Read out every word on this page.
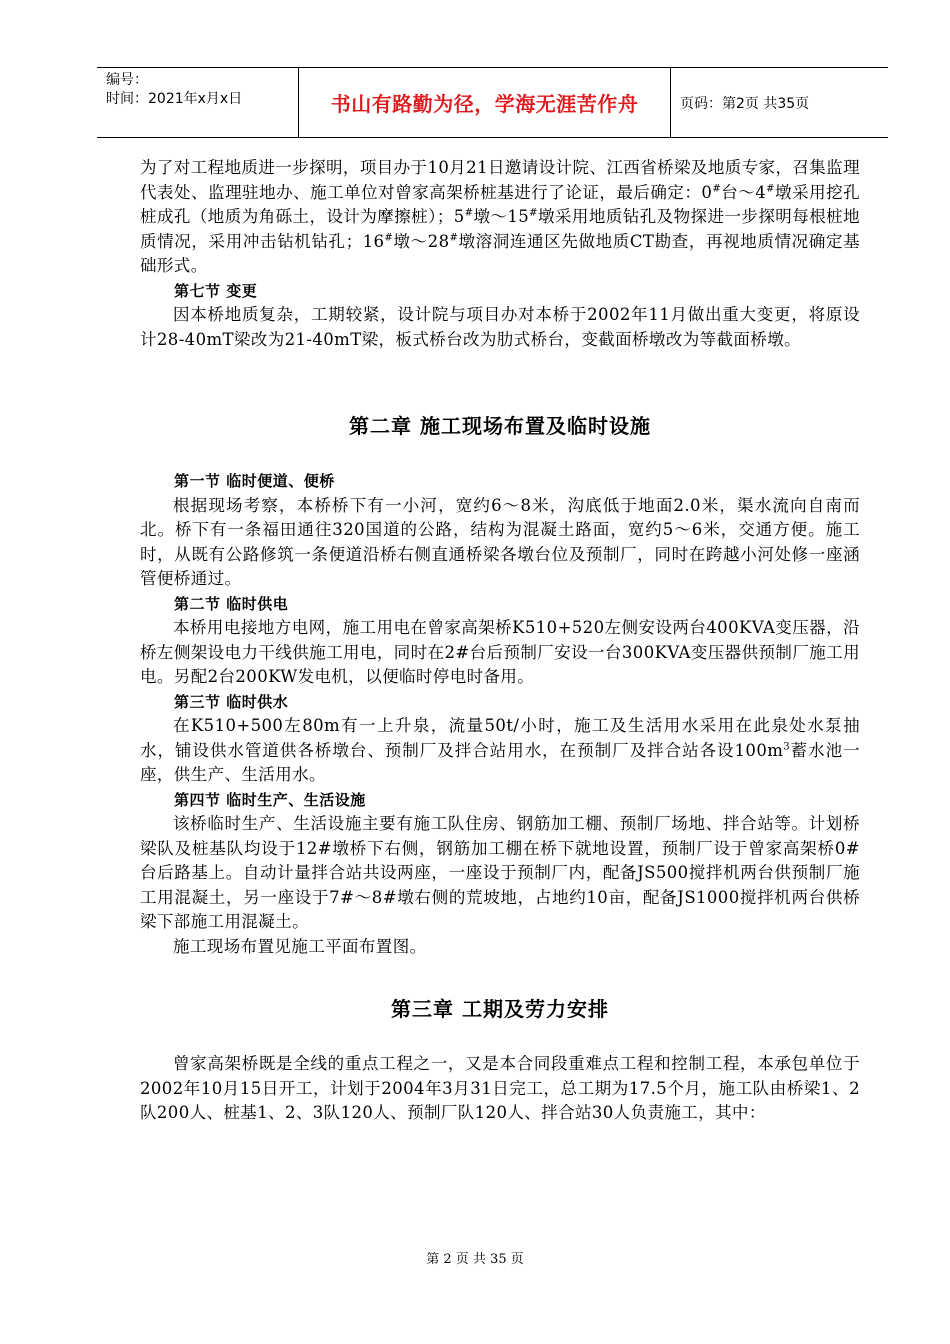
编号：
时间：2021年x月x日	书山有路勤为径，学海无涯苦作舟	页码：第2页 共35页

为了对工程地质进一步探明，项目办于10月21日邀请设计院、江西省桥梁及地质专家，召集监理代表处、监理驻地办、施工单位对曾家高架桥桩基进行了论证，最后确定：0#台～4#墩采用挖孔桩成孔（地质为角砾土，设计为摩擦桩）；5#墩～15#墩采用地质钻孔及物探进一步探明每根桩地质情况，采用冲击钻机钻孔；16#墩～28#墩溶洞连通区先做地质CT勘查，再视地质情况确定基础形式。

第七节 变更

因本桥地质复杂，工期较紧，设计院与项目办对本桥于2002年11月做出重大变更，将原设计28-40mT梁改为21-40mT梁，板式桥台改为肋式桥台，变截面桥墩改为等截面桥墩。

第二章 施工现场布置及临时设施

第一节 临时便道、便桥

根据现场考察，本桥桥下有一小河，宽约6～8米，沟底低于地面2.0米，渠水流向自南而北。桥下有一条福田通往320国道的公路，结构为混凝土路面，宽约5～6米，交通方便。施工时，从既有公路修筑一条便道沿桥右侧直通桥梁各墩台位及预制厂，同时在跨越小河处修一座涵管便桥通过。

第二节 临时供电

本桥用电接地方电网，施工用电在曾家高架桥K510+520左侧安设两台400KVA变压器，沿桥左侧架设电力干线供施工用电，同时在2#台后预制厂安设一台300KVA变压器供预制厂施工用电。另配2台200KW发电机，以便临时停电时备用。

第三节 临时供水

在K510+500左80m有一上升泉，流量50t/小时，施工及生活用水采用在此泉处水泵抽水，铺设供水管道供各桥墩台、预制厂及拌合站用水，在预制厂及拌合站各设$100m^3$蓄水池一座，供生产、生活用水。

第四节 临时生产、生活设施

该桥临时生产、生活设施主要有施工队住房、钢筋加工棚、预制厂场地、拌合站等。计划桥梁队及桩基队均设于12#墩桥下右侧，钢筋加工棚在桥下就地设置，预制厂设于曾家高架桥0#台后路基上。自动计量拌合站共设两座，一座设于预制厂内，配备JS500搅拌机两台供预制厂施工用混凝土，另一座设于7#～8#墩右侧的荒坡地，占地约10亩，配备JS1000搅拌机两台供桥梁下部施工用混凝土。

施工现场布置见施工平面布置图。

第三章 工期及劳力安排

曾家高架桥既是全线的重点工程之一，又是本合同段重难点工程和控制工程，本承包单位于2002年10月15日开工，计划于2004年3月31日完工，总工期为17.5个月，施工队由桥梁1、2队200人、桩基1、2、3队120人、预制厂队120人、拌合站30人负责施工，其中：

第 2 页 共 35 页
